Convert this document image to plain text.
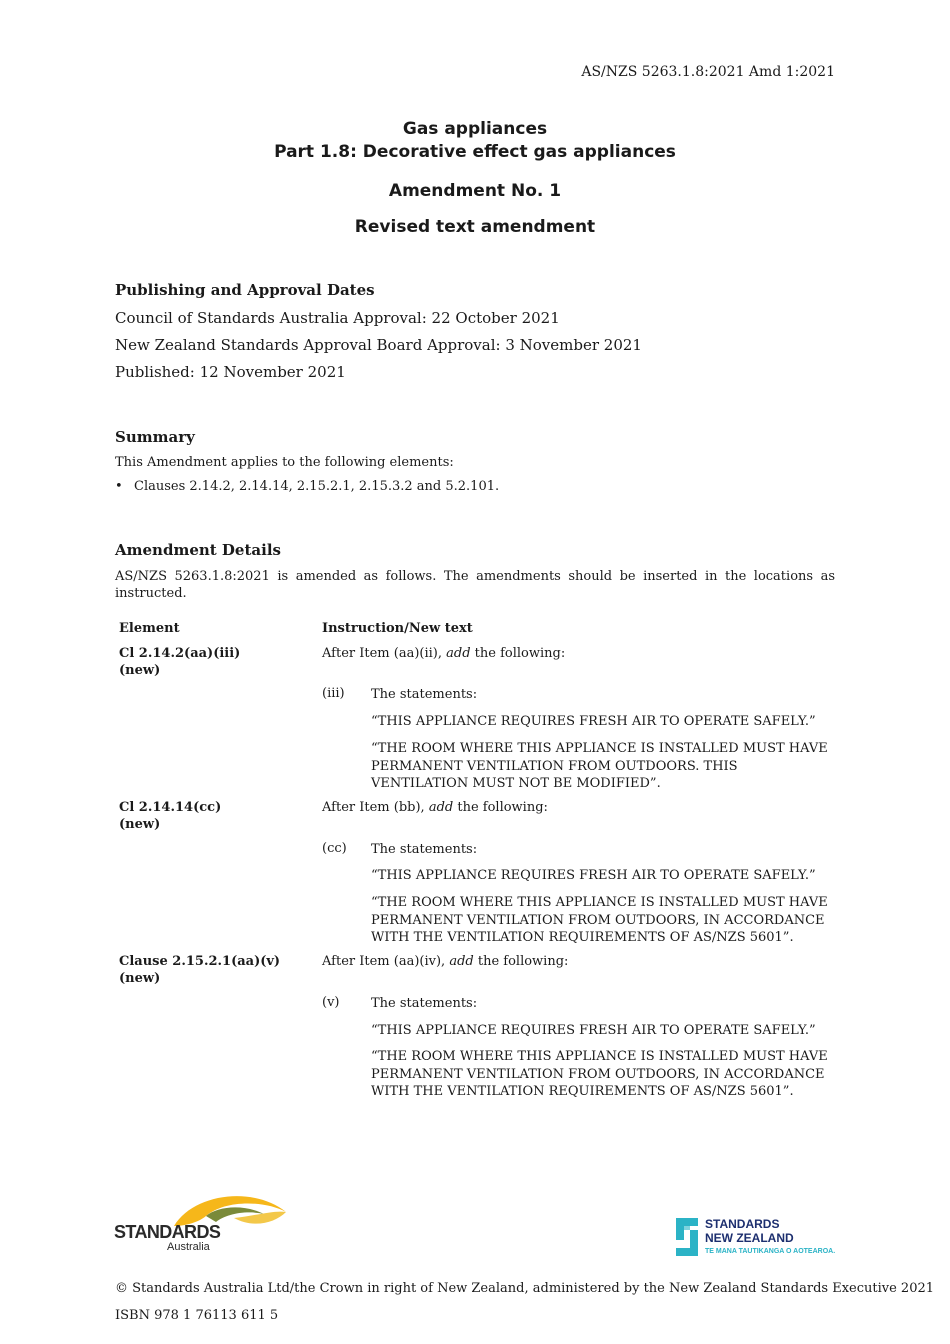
AS/NZS 5263.1.8:2021 Amd 1:2021
Gas appliances
Part 1.8: Decorative effect gas appliances
Amendment No. 1
Revised text amendment
Publishing and Approval Dates
Council of Standards Australia Approval: 22 October 2021
New Zealand Standards Approval Board Approval: 3 November 2021
Published: 12 November 2021
Summary
This Amendment applies to the following elements:
• Clauses 2.14.2, 2.14.14, 2.15.2.1, 2.15.3.2 and 5.2.101.
Amendment Details
AS/NZS 5263.1.8:2021 is amended as follows. The amendments should be inserted in the locations as instructed.
Element	Instruction/New text
Cl 2.14.2(aa)(iii)
(new)
After Item (aa)(ii), add the following:
(iii) The statements:
“THIS APPLIANCE REQUIRES FRESH AIR TO OPERATE SAFELY.”
“THE ROOM WHERE THIS APPLIANCE IS INSTALLED MUST HAVE PERMANENT VENTILATION FROM OUTDOORS. THIS VENTILATION MUST NOT BE MODIFIED”.
Cl 2.14.14(cc)
(new)
After Item (bb), add the following:
(cc) The statements:
“THIS APPLIANCE REQUIRES FRESH AIR TO OPERATE SAFELY.”
“THE ROOM WHERE THIS APPLIANCE IS INSTALLED MUST HAVE PERMANENT VENTILATION FROM OUTDOORS, IN ACCORDANCE WITH THE VENTILATION REQUIREMENTS OF AS/NZS 5601”.
Clause 2.15.2.1(aa)(v)
(new)
After Item (aa)(iv), add the following:
(v) The statements:
“THIS APPLIANCE REQUIRES FRESH AIR TO OPERATE SAFELY.”
“THE ROOM WHERE THIS APPLIANCE IS INSTALLED MUST HAVE PERMANENT VENTILATION FROM OUTDOORS, IN ACCORDANCE WITH THE VENTILATION REQUIREMENTS OF AS/NZS 5601”.
STANDARDS
Australia
STANDARDS
NEW ZEALAND
TE MANA TAUTIKANGA O AOTEAROA.
© Standards Australia Ltd/the Crown in right of New Zealand, administered by the New Zealand Standards Executive 2021
ISBN 978 1 76113 611 5
